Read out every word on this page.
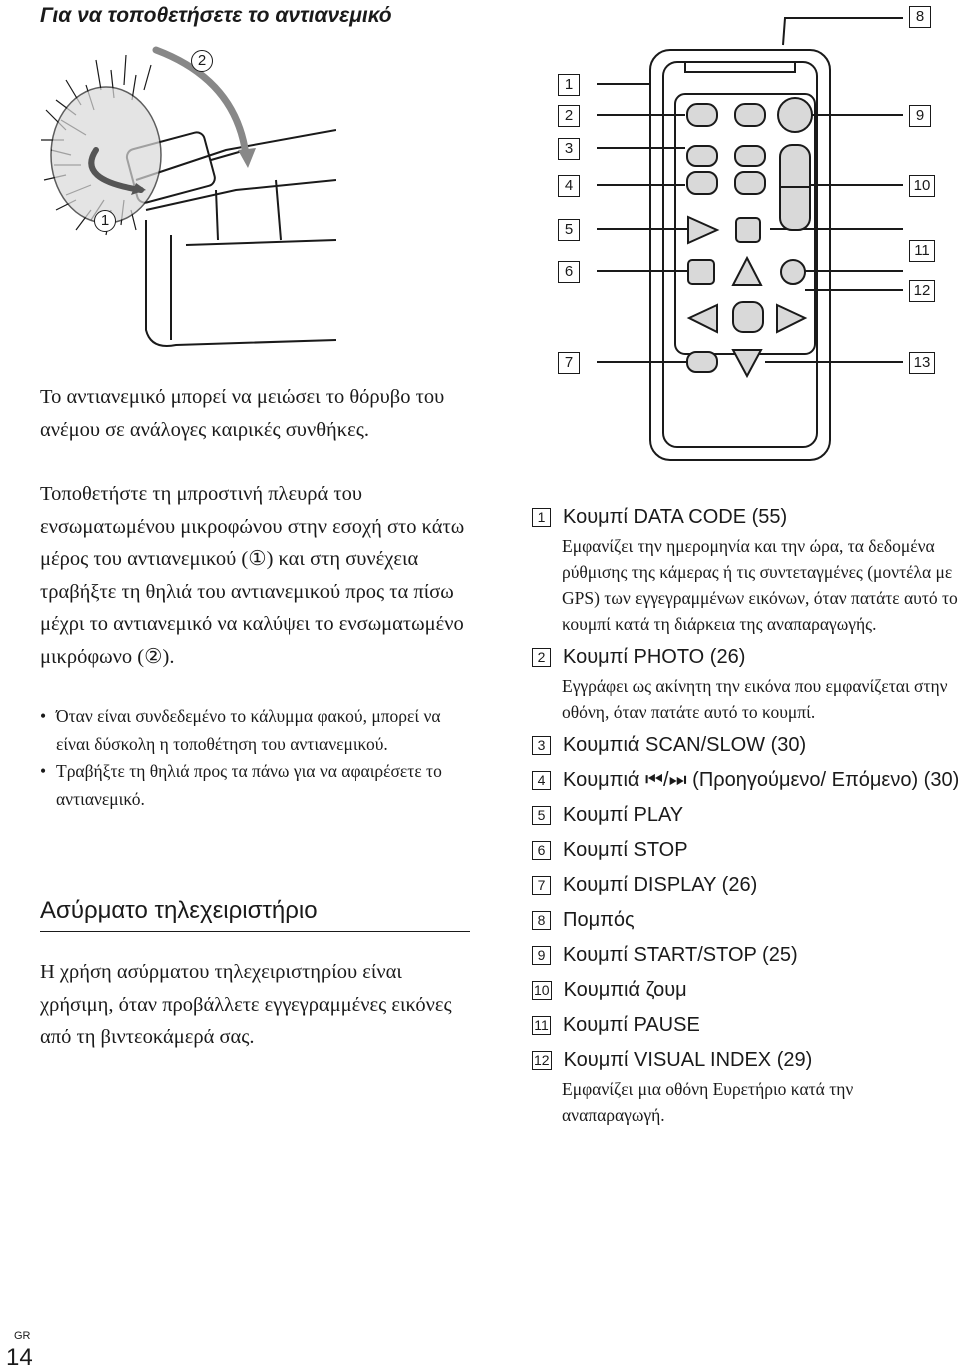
Για να τοποθετήσετε το αντιανεμικό
2
1
Το αντιανεμικό μπορεί να μειώσει το θόρυβο του ανέμου σε ανάλογες καιρικές συνθήκες.
Τοποθετήστε τη μπροστινή πλευρά του ενσωματωμένου μικροφώνου στην εσοχή στο κάτω μέρος του αντιανεμικού (①) και στη συνέχεια τραβήξτε τη θηλιά του αντιανεμικού προς τα πίσω μέχρι το αντιανεμικό να καλύψει το ενσωματωμένο μικρόφωνο (②).
• Όταν είναι συνδεδεμένο το κάλυμμα φακού, μπορεί να είναι δύσκολη η τοποθέτηση του αντιανεμικού.
• Τραβήξτε τη θηλιά προς τα πάνω για να αφαιρέσετε το αντιανεμικό.
Ασύρματο τηλεχειριστήριο
Η χρήση ασύρματου τηλεχειριστηρίου είναι χρήσιμη, όταν προβάλλετε εγγεγραμμένες εικόνες από τη βιντεοκάμερά σας.
1
2
3
4
5
6
7
8
9
10
11
12
13
1 Κουμπί DATA CODE (55)
Εμφανίζει την ημερομηνία και την ώρα, τα δεδομένα ρύθμισης της κάμερας ή τις συντεταγμένες (μοντέλα με GPS) των εγγεγραμμένων εικόνων, όταν πατάτε αυτό το κουμπί κατά τη διάρκεια της αναπαραγωγής.
2 Κουμπί PHOTO (26)
Εγγράφει ως ακίνητη την εικόνα που εμφανίζεται στην οθόνη, όταν πατάτε αυτό το κουμπί.
3 Κουμπιά SCAN/SLOW (30)
4 Κουμπιά ⏮/⏭ (Προηγούμενο/ Επόμενο) (30)
5 Κουμπί PLAY
6 Κουμπί STOP
7 Κουμπί DISPLAY (26)
8 Πομπός
9 Κουμπί START/STOP (25)
10 Κουμπιά ζουμ
11 Κουμπί PAUSE
12 Κουμπί VISUAL INDEX (29)
Εμφανίζει μια οθόνη Ευρετήριο κατά την αναπαραγωγή.
GR
14
